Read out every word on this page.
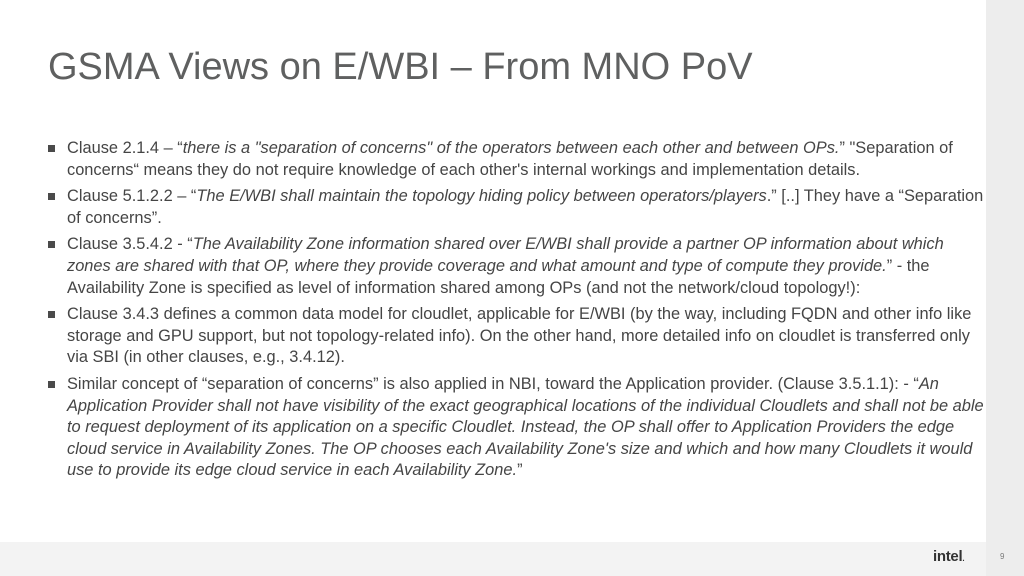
GSMA Views on E/WBI – From MNO PoV
Clause 2.1.4 – “there is a "separation of concerns" of the operators between each other and between OPs.” "Separation of concerns“ means they do not require knowledge of each other's internal workings and implementation details.
Clause 5.1.2.2 – “The E/WBI shall maintain the topology hiding policy between operators/players.” [..] They have a “Separation of concerns”.
Clause 3.5.4.2 - “The Availability Zone information shared over E/WBI shall provide a partner OP information about which zones are shared with that OP, where they provide coverage and what amount and type of compute they provide.” - the Availability Zone is specified as level of information shared among OPs (and not the network/cloud topology!):
Clause 3.4.3 defines a common data model for cloudlet, applicable for E/WBI (by the way, including FQDN and other info like storage and GPU support, but not topology-related info). On the other hand, more detailed info on cloudlet is transferred only via SBI (in other clauses, e.g., 3.4.12).
Similar concept of “separation of concerns” is also applied in NBI, toward the Application provider. (Clause 3.5.1.1): - “An Application Provider shall not have visibility of the exact geographical locations of the individual Cloudlets and shall not be able to request deployment of its application on a specific Cloudlet. Instead, the OP shall offer to Application Providers the edge cloud service in Availability Zones. The OP chooses each Availability Zone's size and which and how many Cloudlets it would use to provide its edge cloud service in each Availability Zone.”
intel.	9
